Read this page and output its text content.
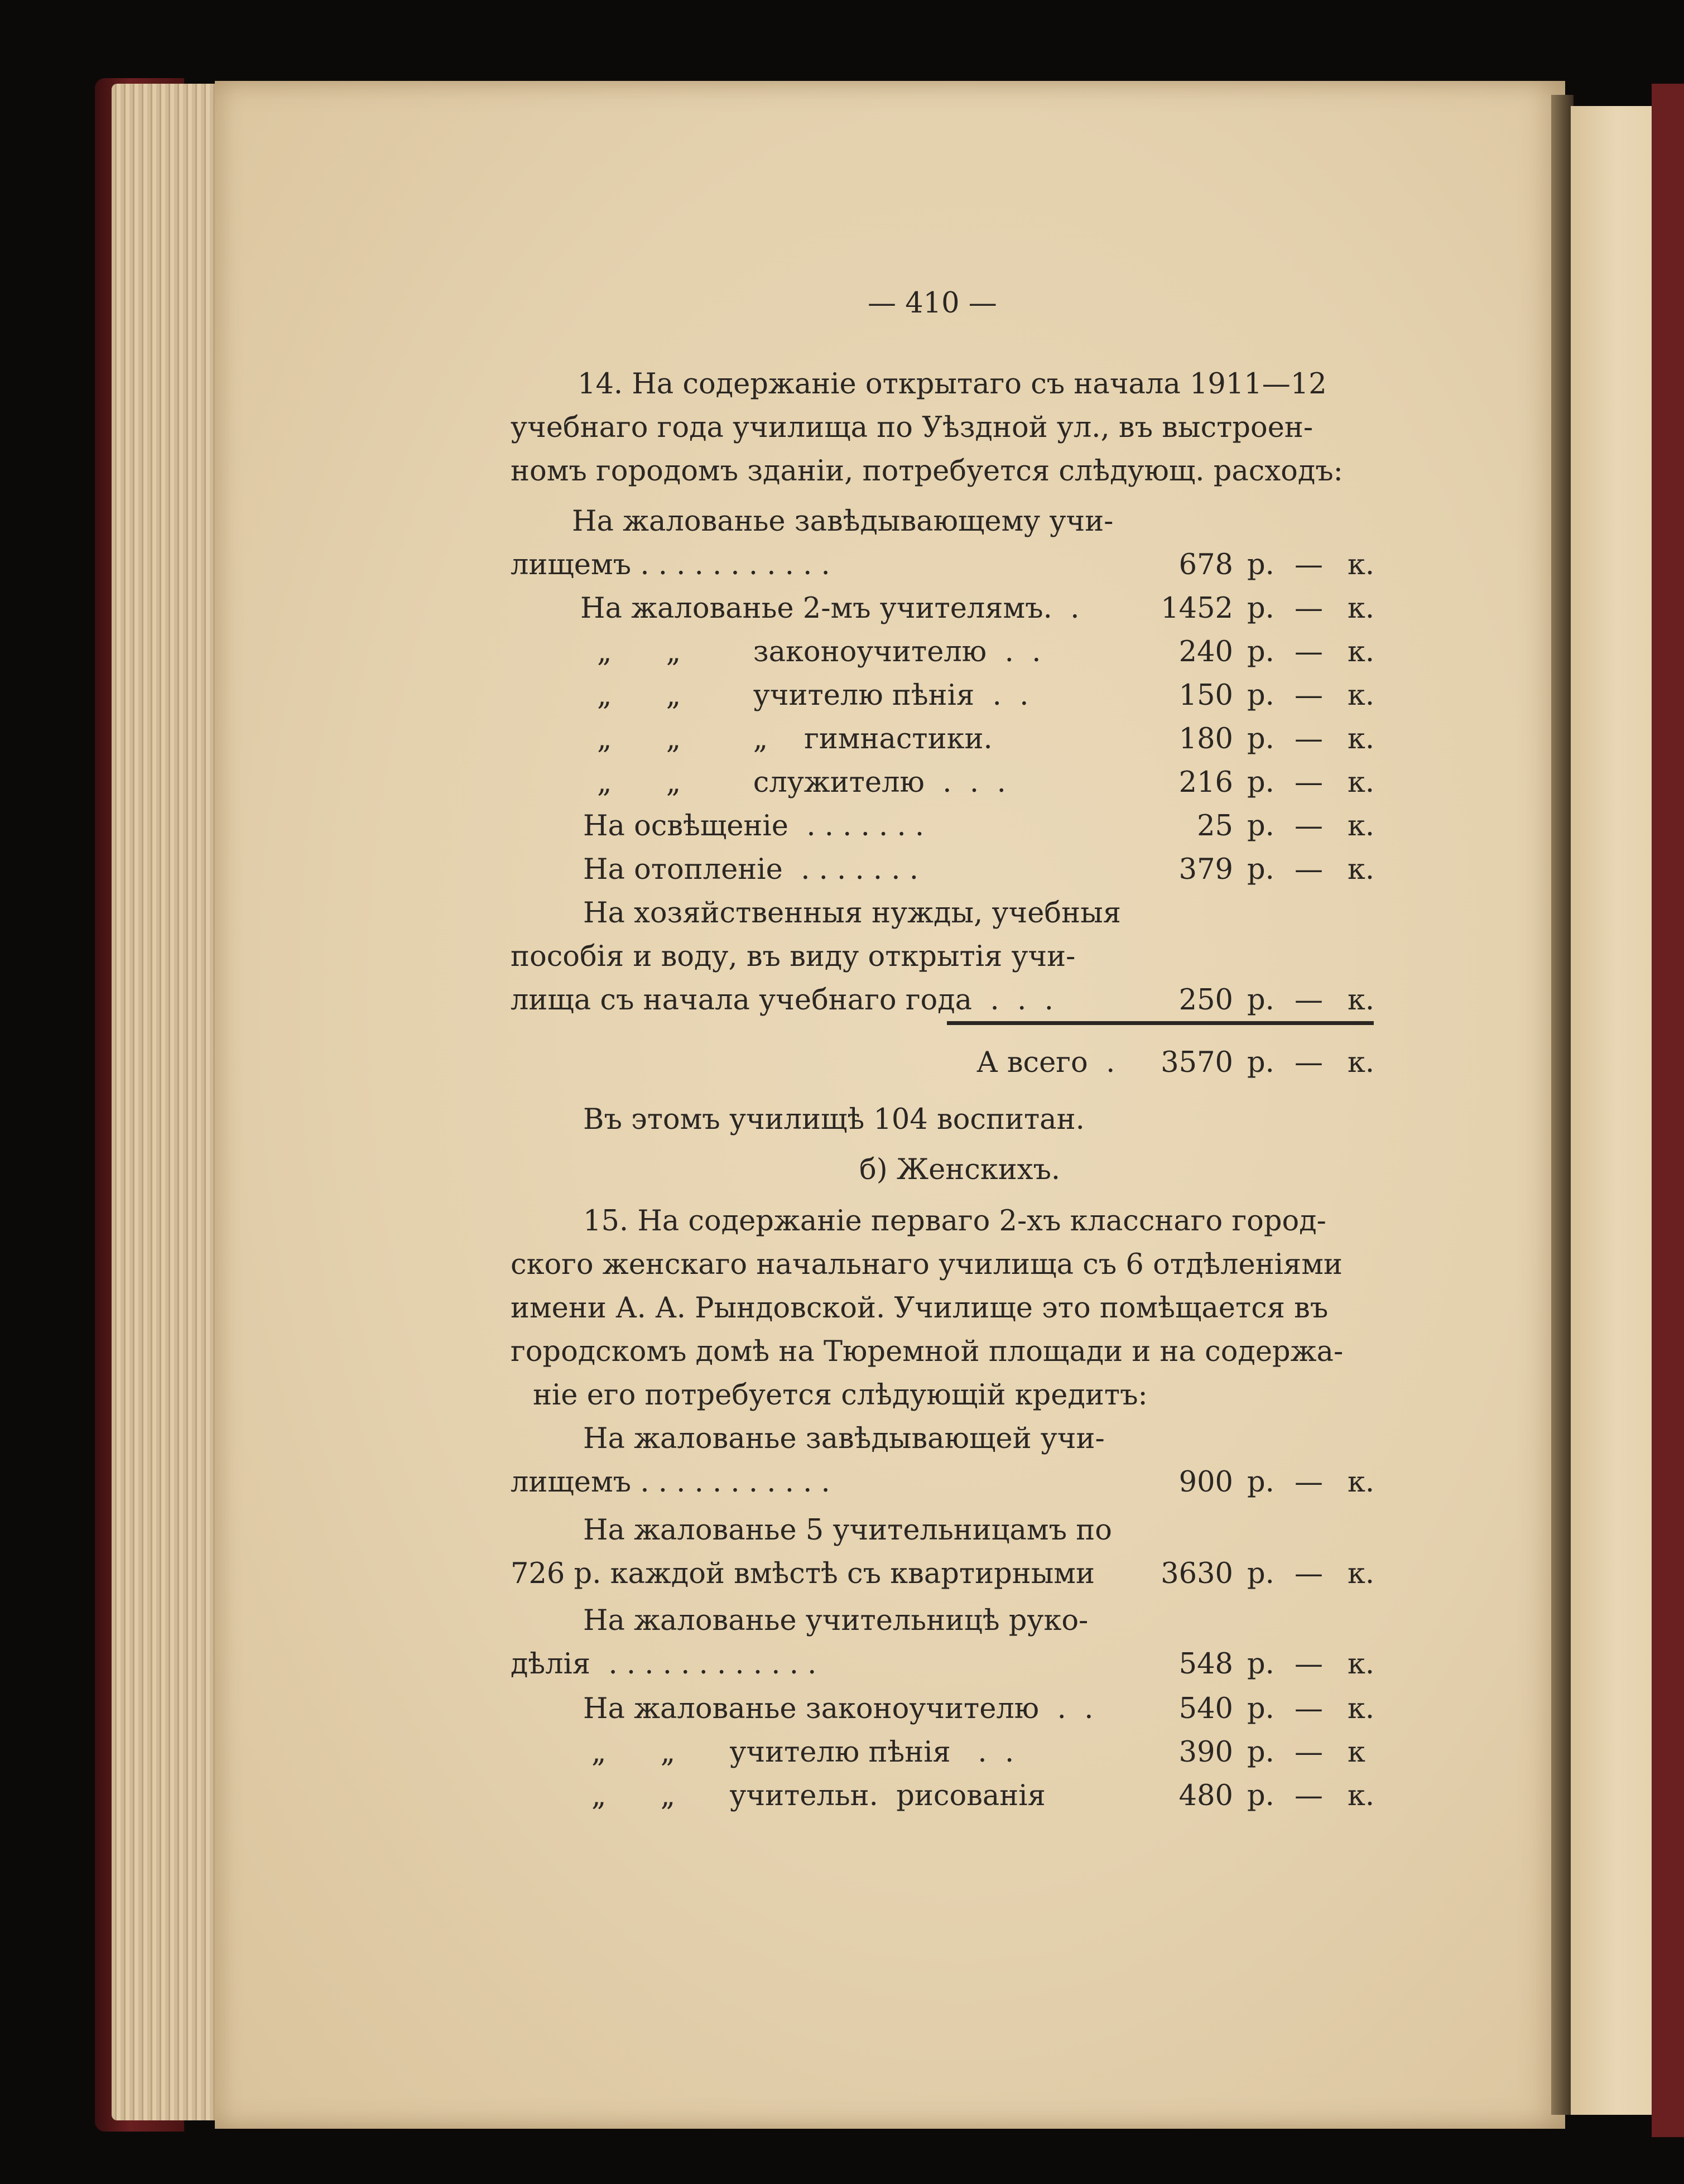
— 410 —
14. На содержанiе открытаго съ начала 1911—12
учебнаго года училища по Уѣздной ул., въ выстроен-
номъ городомъ зданiи, потребуется слѣдующ. расходъ:
На жалованье завѣдывающему учи-
лищемъ . . . . . . . . . . .	678 р. — к.
На жалованье 2-мъ учителямъ.  .	1452 р. — к.
„      „        законоучителю  .  .	240 р. — к.
„      „        учителю пѣнiя  .  .	150 р. — к.
„      „        „    гимнастики.	180 р. — к.
„      „        служителю  .  .  .	216 р. — к.
На освѣщенiе  . . . . . . .	25 р. — к.
На отопленiе  . . . . . . .	379 р. — к.
На хозяйственныя нужды, учебныя
пособiя и воду, въ виду открытiя учи-
лища съ начала учебнаго года  .  .  .	250 р. — к.
А всего  .	3570 р. — к.
Въ этомъ училищѣ 104 воспитан.
б) Женскихъ.
15. На содержанiе перваго 2-хъ класснаго город-
ского женскаго начальнаго училища съ 6 отдѣленiями
имени А. А. Рындовской. Училище это помѣщается въ
городскомъ домѣ на Тюремной площади и на содержа-
нiе его потребуется слѣдующiй кредитъ:
На жалованье завѣдывающей учи-
лищемъ . . . . . . . . . . .	900 р. — к.
На жалованье 5 учительницамъ по
726 р. каждой вмѣстѣ съ квартирными	3630 р. — к.
На жалованье учительницѣ руко-
дѣлiя  . . . . . . . . . . . .	548 р. — к.
На жалованье законоучителю  .  .	540 р. — к.
„      „      учителю пѣнiя   .  .	390 р. — к
„      „      учительн.  рисованiя	480 р. — к.
